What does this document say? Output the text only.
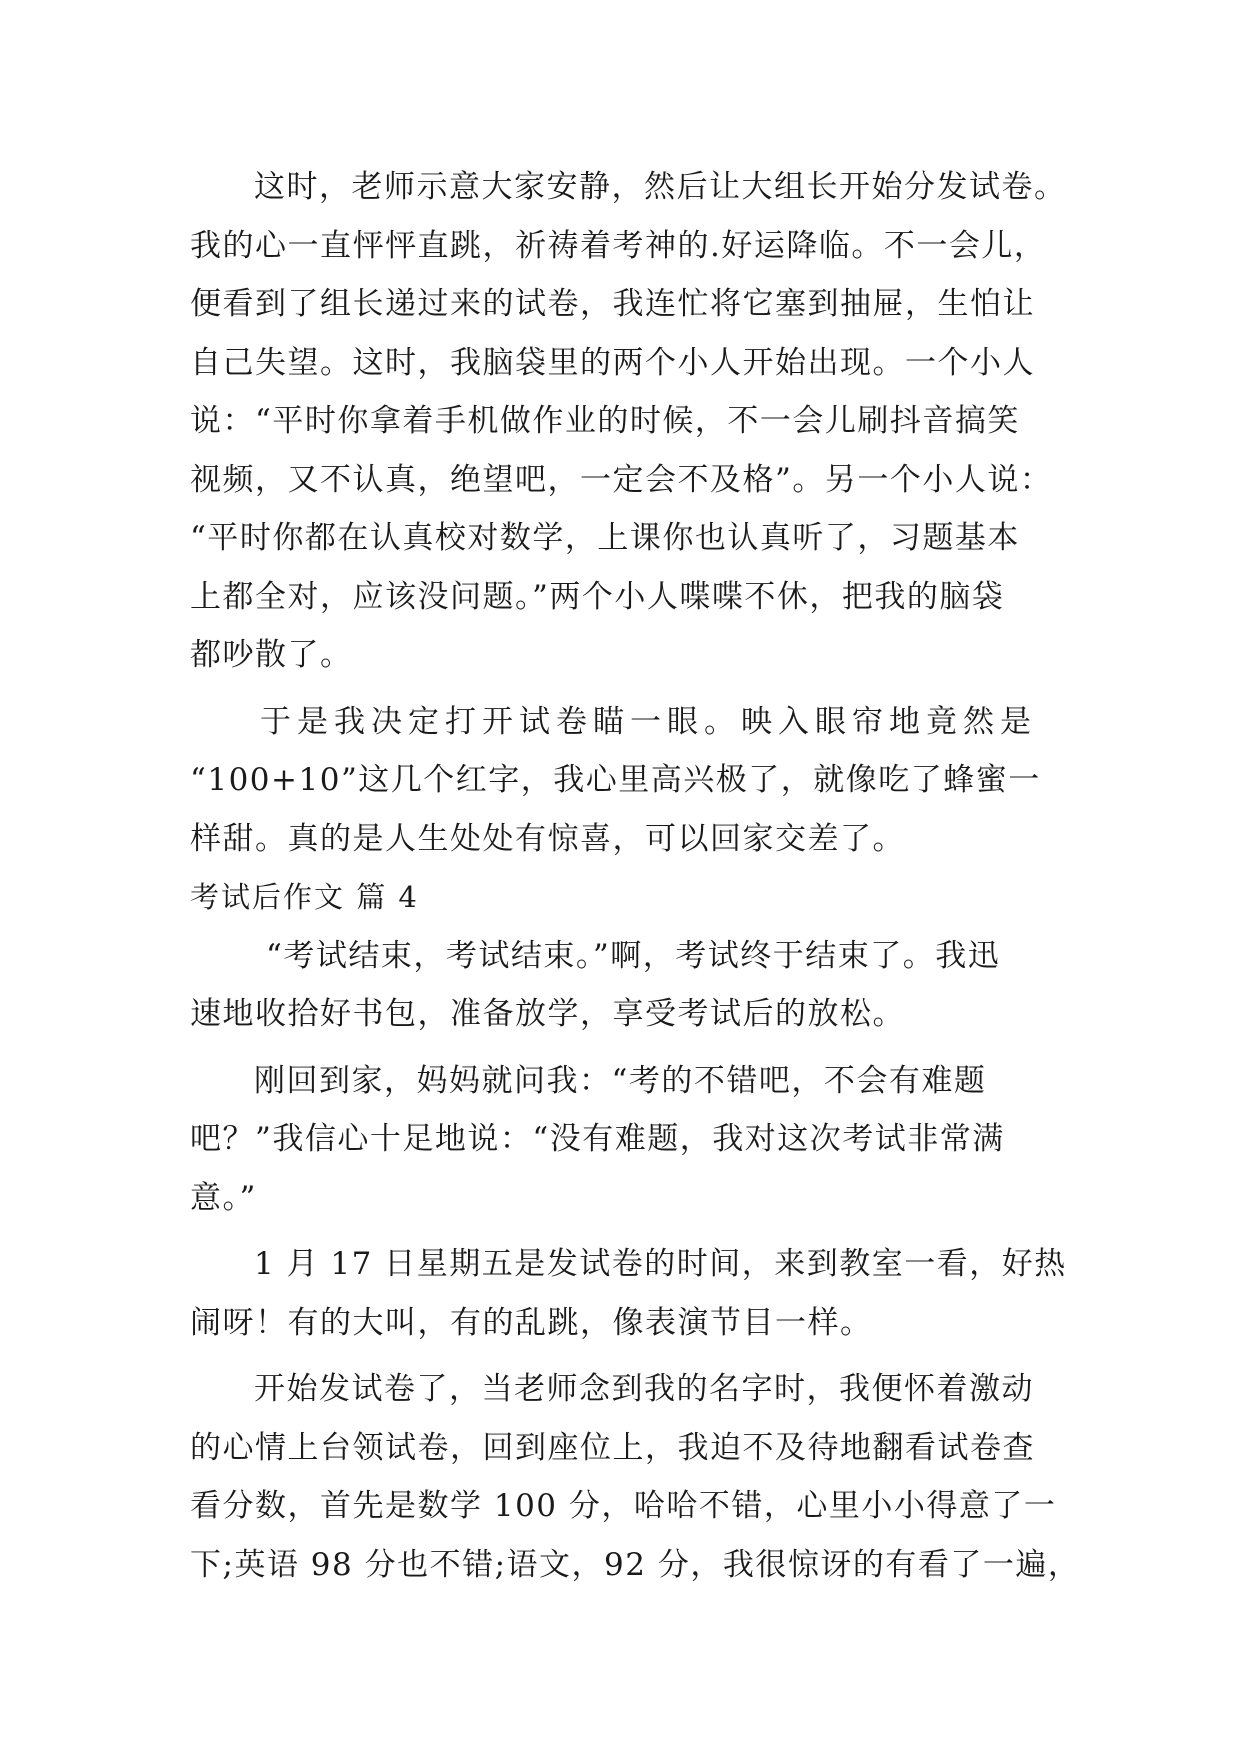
这时，老师示意大家安静，然后让大组长开始分发试卷。
我的心一直怦怦直跳，祈祷着考神的.好运降临。不一会儿，
便看到了组长递过来的试卷，我连忙将它塞到抽屉，生怕让
自己失望。这时，我脑袋里的两个小人开始出现。一个小人
说：“平时你拿着手机做作业的时候，不一会儿刷抖音搞笑
视频，又不认真，绝望吧，一定会不及格”。另一个小人说：
“平时你都在认真校对数学，上课你也认真听了，习题基本
上都全对，应该没问题。”两个小人喋喋不休，把我的脑袋
都吵散了。
于是我决定打开试卷瞄一眼。映入眼帘地竟然是
“100+10”这几个红字，我心里高兴极了，就像吃了蜂蜜一
样甜。真的是人生处处有惊喜，可以回家交差了。
考试后作文 篇 4
“考试结束，考试结束。”啊，考试终于结束了。我迅
速地收拾好书包，准备放学，享受考试后的放松。
刚回到家，妈妈就问我：“考的不错吧，不会有难题
吧？”我信心十足地说：“没有难题，我对这次考试非常满
意。”
1 月 17 日星期五是发试卷的时间，来到教室一看，好热
闹呀！有的大叫，有的乱跳，像表演节目一样。
开始发试卷了，当老师念到我的名字时，我便怀着激动
的心情上台领试卷，回到座位上，我迫不及待地翻看试卷查
看分数，首先是数学 100 分，哈哈不错，心里小小得意了一
下;英语 98 分也不错;语文，92 分，我很惊讶的有看了一遍，
